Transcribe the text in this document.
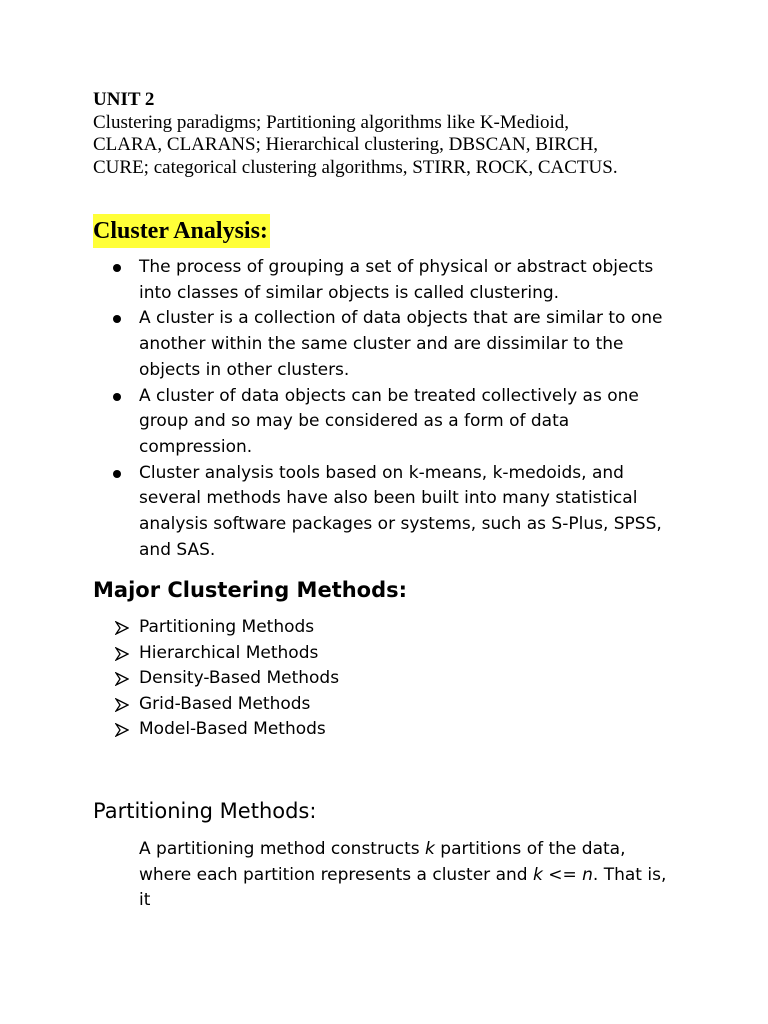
UNIT 2
Clustering paradigms; Partitioning algorithms like K-Medioid,
CLARA, CLARANS; Hierarchical clustering, DBSCAN, BIRCH,
CURE; categorical clustering algorithms, STIRR, ROCK, CACTUS.
Cluster Analysis:
The process of grouping a set of physical or abstract objects
into classes of similar objects is called clustering.
A cluster is a collection of data objects that are similar to one
another within the same cluster and are dissimilar to the
objects in other clusters.
A cluster of data objects can be treated collectively as one
group and so may be considered as a form of data
compression.
Cluster analysis tools based on k-means, k-medoids, and
several methods have also been built into many statistical
analysis software packages or systems, such as S-Plus, SPSS,
and SAS.
Major Clustering Methods:
Partitioning Methods
Hierarchical Methods
Density-Based Methods
Grid-Based Methods
Model-Based Methods
Partitioning Methods:
A partitioning method constructs k partitions of the data,
where each partition represents a cluster and k <= n. That is, it
